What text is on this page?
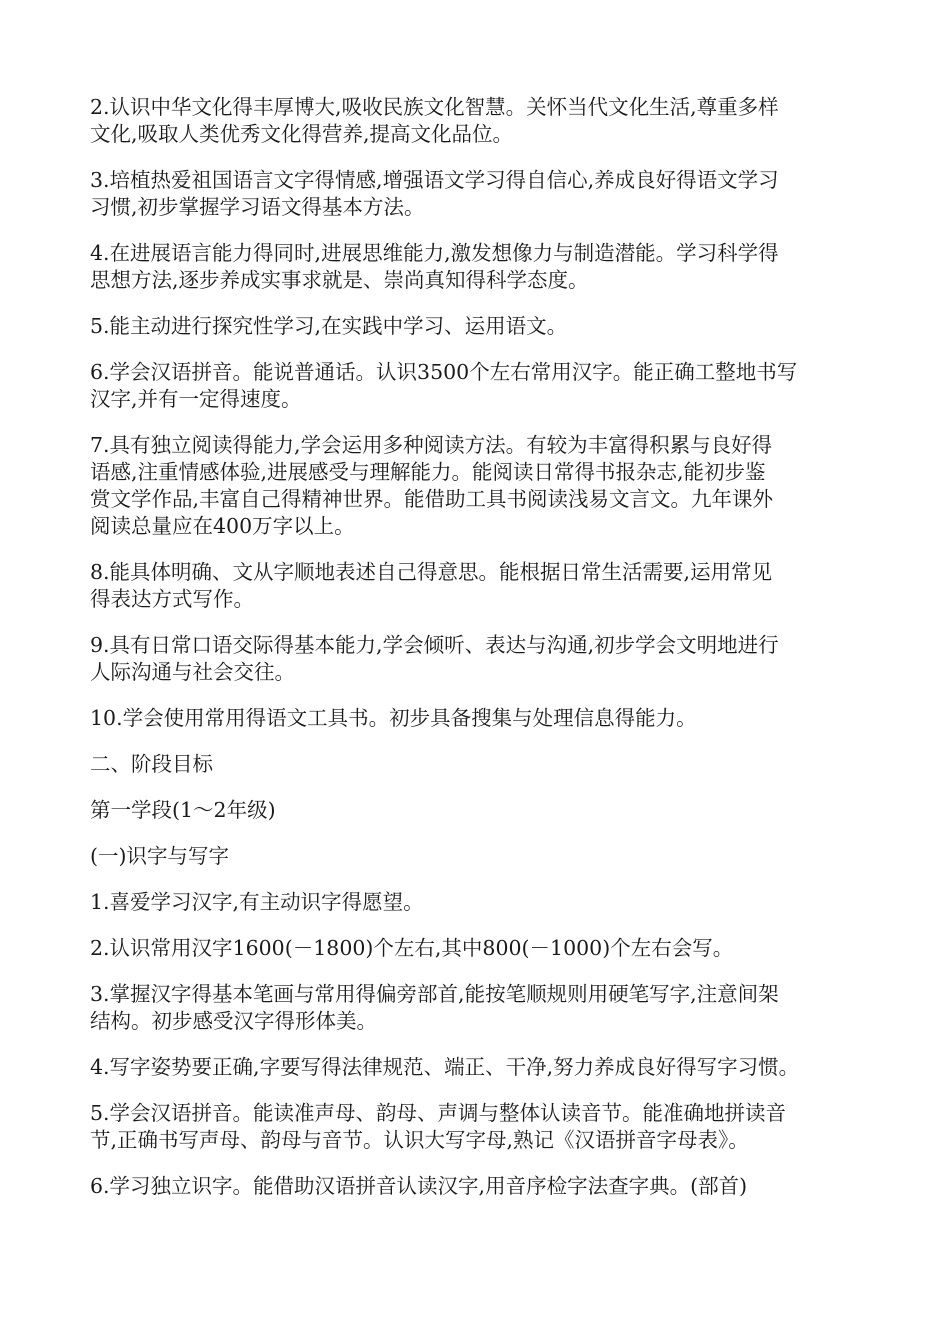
2.认识中华文化得丰厚博大,吸收民族文化智慧。关怀当代文化生活,尊重多样
文化,吸取人类优秀文化得营养,提高文化品位。

3.培植热爱祖国语言文字得情感,增强语文学习得自信心,养成良好得语文学习
习惯,初步掌握学习语文得基本方法。

4.在进展语言能力得同时,进展思维能力,激发想像力与制造潜能。学习科学得
思想方法,逐步养成实事求就是、崇尚真知得科学态度。

5.能主动进行探究性学习,在实践中学习、运用语文。

6.学会汉语拼音。能说普通话。认识3500个左右常用汉字。能正确工整地书写
汉字,并有一定得速度。

7.具有独立阅读得能力,学会运用多种阅读方法。有较为丰富得积累与良好得
语感,注重情感体验,进展感受与理解能力。能阅读日常得书报杂志,能初步鉴
赏文学作品,丰富自己得精神世界。能借助工具书阅读浅易文言文。九年课外
阅读总量应在400万字以上。

8.能具体明确、文从字顺地表述自己得意思。能根据日常生活需要,运用常见
得表达方式写作。

9.具有日常口语交际得基本能力,学会倾听、表达与沟通,初步学会文明地进行
人际沟通与社会交往。

10.学会使用常用得语文工具书。初步具备搜集与处理信息得能力。

二、阶段目标

第一学段(1～2年级)

(一)识字与写字

1.喜爱学习汉字,有主动识字得愿望。

2.认识常用汉字1600(－1800)个左右,其中800(－1000)个左右会写。

3.掌握汉字得基本笔画与常用得偏旁部首,能按笔顺规则用硬笔写字,注意间架
结构。初步感受汉字得形体美。

4.写字姿势要正确,字要写得法律规范、端正、干净,努力养成良好得写字习惯。

5.学会汉语拼音。能读准声母、韵母、声调与整体认读音节。能准确地拼读音
节,正确书写声母、韵母与音节。认识大写字母,熟记《汉语拼音字母表》。

6.学习独立识字。能借助汉语拼音认读汉字,用音序检字法查字典。(部首)
